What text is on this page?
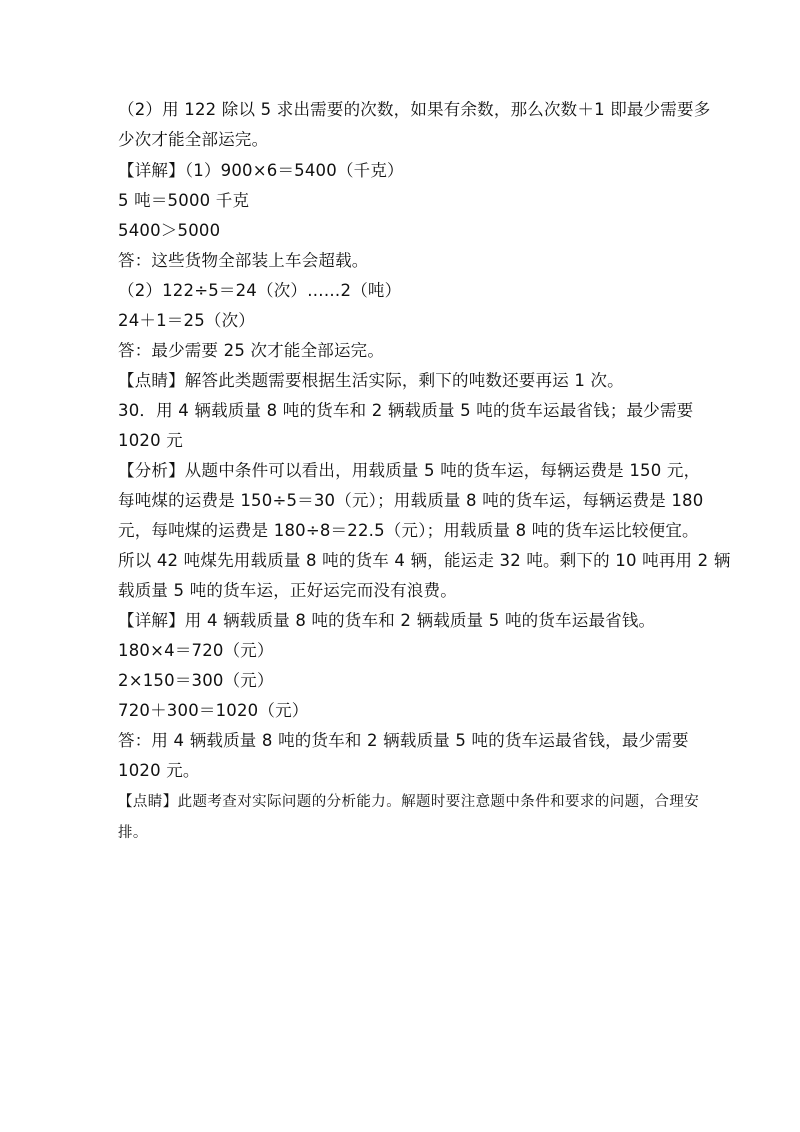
（2）用 122 除以 5 求出需要的次数，如果有余数，那么次数＋1 即最少需要多
少次才能全部运完。
【详解】（1）900×6＝5400（千克）
5 吨＝5000 千克
5400＞5000
答：这些货物全部装上车会超载。
（2）122÷5＝24（次）……2（吨）
24＋1＝25（次）
答：最少需要 25 次才能全部运完。
【点睛】解答此类题需要根据生活实际，剩下的吨数还要再运 1 次。
30．用 4 辆载质量 8 吨的货车和 2 辆载质量 5 吨的货车运最省钱；最少需要
1020 元
【分析】从题中条件可以看出，用载质量 5 吨的货车运，每辆运费是 150 元，
每吨煤的运费是 150÷5＝30（元）；用载质量 8 吨的货车运，每辆运费是 180
元，每吨煤的运费是 180÷8＝22.5（元）；用载质量 8 吨的货车运比较便宜。
所以 42 吨煤先用载质量 8 吨的货车 4 辆，能运走 32 吨。剩下的 10 吨再用 2 辆
载质量 5 吨的货车运，正好运完而没有浪费。
【详解】用 4 辆载质量 8 吨的货车和 2 辆载质量 5 吨的货车运最省钱。
180×4＝720（元）
2×150＝300（元）
720＋300＝1020（元）
答：用 4 辆载质量 8 吨的货车和 2 辆载质量 5 吨的货车运最省钱，最少需要
1020 元。
【点睛】此题考查对实际问题的分析能力。解题时要注意题中条件和要求的问题，合理安
排。
